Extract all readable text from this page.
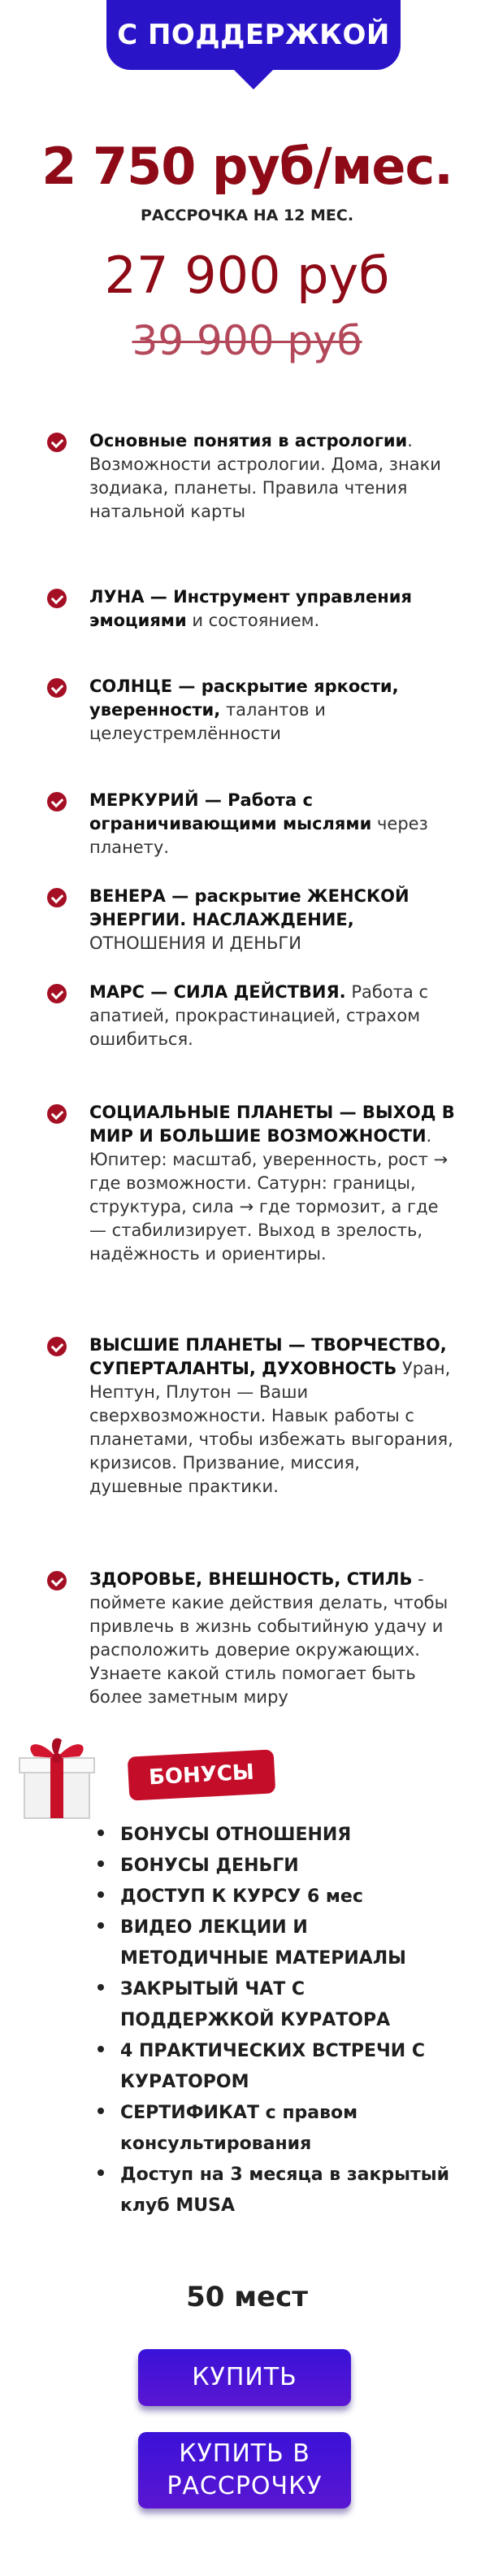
С ПОДДЕРЖКОЙ
2 750 руб/мес.
РАССРОЧКА НА 12 МЕС.
27 900 руб
39 900 руб
Основные понятия в астрологии. Возможности астрологии. Дома, знаки зодиака, планеты. Правила чтения натальной карты
ЛУНА — Инструмент управления эмоциями и состоянием.
СОЛНЦЕ — раскрытие яркости, уверенности, талантов и целеустремлённости
МЕРКУРИЙ — Работа с ограничивающими мыслями через планету.
ВЕНЕРА — раскрытие ЖЕНСКОЙ ЭНЕРГИИ. НАСЛАЖДЕНИЕ, ОТНОШЕНИЯ И ДЕНЬГИ
МАРС — СИЛА ДЕЙСТВИЯ. Работа с апатией, прокрастинацией, страхом ошибиться.
СОЦИАЛЬНЫЕ ПЛАНЕТЫ — ВЫХОД В МИР И БОЛЬШИЕ ВОЗМОЖНОСТИ. Юпитер: масштаб, уверенность, рост → где возможности. Сатурн: границы, структура, сила → где тормозит, а где — стабилизирует. Выход в зрелость, надёжность и ориентиры.
ВЫСШИЕ ПЛАНЕТЫ — ТВОРЧЕСТВО, СУПЕРТАЛАНТЫ, ДУХОВНОСТЬ Уран, Нептун, Плутон — Ваши сверхвозможности. Навык работы с планетами, чтобы избежать выгорания, кризисов. Призвание, миссия, душевные практики.
ЗДОРОВЬЕ, ВНЕШНОСТЬ, СТИЛЬ - поймете какие действия делать, чтобы привлечь в жизнь событийную удачу и расположить доверие окружающих. Узнаете какой стиль помогает быть более заметным миру
БОНУСЫ
БОНУСЫ ОТНОШЕНИЯ
БОНУСЫ ДЕНЬГИ
ДОСТУП К КУРСУ 6 мес
ВИДЕО ЛЕКЦИИ И МЕТОДИЧНЫЕ МАТЕРИАЛЫ
ЗАКРЫТЫЙ ЧАТ С ПОДДЕРЖКОЙ КУРАТОРА
4 ПРАКТИЧЕСКИХ ВСТРЕЧИ С КУРАТОРОМ
СЕРТИФИКАТ с правом консультирования
Доступ на 3 месяца в закрытый клуб MUSA
50 мест
КУПИТЬ
КУПИТЬ В РАССРОЧКУ
